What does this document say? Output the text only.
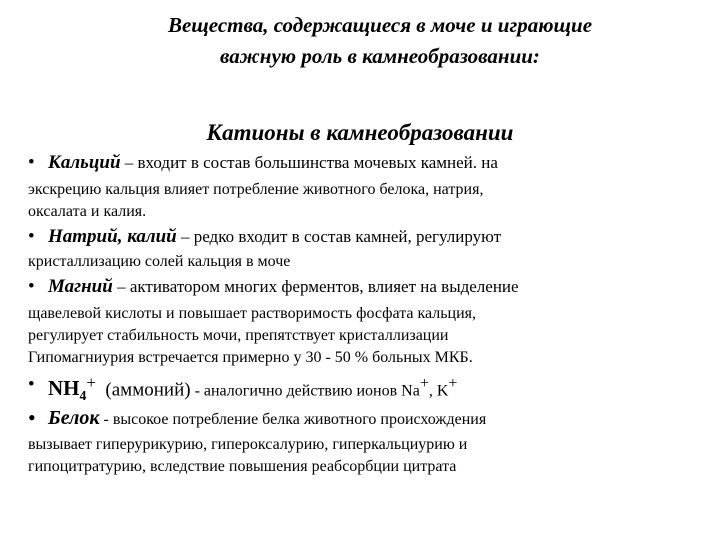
Вещества, содержащиеся в моче и играющие
важную роль в камнеобразовании:
Катионы в камнеобразовании
• Кальций – входит в состав большинства мочевых камней. на

экскрецию кальция влияет потребление животного белока, натрия,

оксалата и калия.

• Натрий, калий – редко входит в состав камней, регулируют

кристаллизацию солей кальция в моче

• Магний – активатором многих ферментов, влияет на выделение

щавелевой кислоты и повышает растворимость фосфата кальция,

регулирует стабильность мочи, препятствует кристаллизации

Гипомагниурия встречается примерно у 30 - 50 % больных МКБ.

• $NH_4^+$  (аммоний) - аналогично действию ионов Na+, K+
• Белок - высокое потребление белка животного происхождения

вызывает гиперурикурию, гипероксалурию, гиперкальциурию и

гипоцитратурию, вследствие повышения реабсорбции цитрата
